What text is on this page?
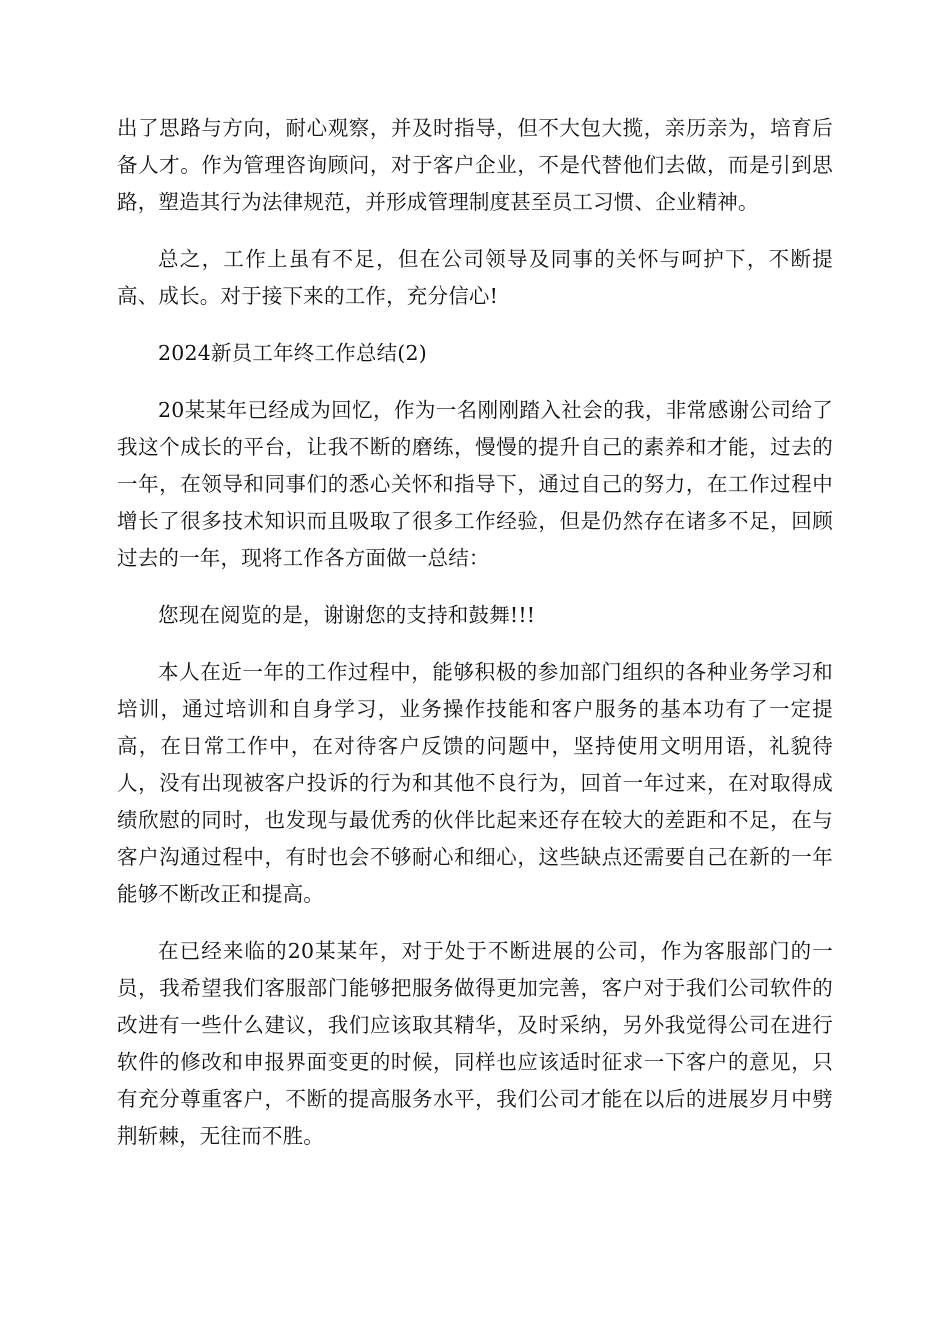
出了思路与方向，耐心观察，并及时指导，但不大包大揽，亲历亲为，培育后备人才。作为管理咨询顾问，对于客户企业，不是代替他们去做，而是引到思路，塑造其行为法律规范，并形成管理制度甚至员工习惯、企业精神。

总之，工作上虽有不足，但在公司领导及同事的关怀与呵护下，不断提高、成长。对于接下来的工作，充分信心!

2024新员工年终工作总结(2)

20某某年已经成为回忆，作为一名刚刚踏入社会的我，非常感谢公司给了我这个成长的平台，让我不断的磨练，慢慢的提升自己的素养和才能，过去的一年，在领导和同事们的悉心关怀和指导下，通过自己的努力，在工作过程中增长了很多技术知识而且吸取了很多工作经验，但是仍然存在诸多不足，回顾过去的一年，现将工作各方面做一总结：

您现在阅览的是，谢谢您的支持和鼓舞!!!

本人在近一年的工作过程中，能够积极的参加部门组织的各种业务学习和培训，通过培训和自身学习，业务操作技能和客户服务的基本功有了一定提高，在日常工作中，在对待客户反馈的问题中，坚持使用文明用语，礼貌待人，没有出现被客户投诉的行为和其他不良行为，回首一年过来，在对取得成绩欣慰的同时，也发现与最优秀的伙伴比起来还存在较大的差距和不足，在与客户沟通过程中，有时也会不够耐心和细心，这些缺点还需要自己在新的一年能够不断改正和提高。

在已经来临的20某某年，对于处于不断进展的公司，作为客服部门的一员，我希望我们客服部门能够把服务做得更加完善，客户对于我们公司软件的改进有一些什么建议，我们应该取其精华，及时采纳，另外我觉得公司在进行软件的修改和申报界面变更的时候，同样也应该适时征求一下客户的意见，只有充分尊重客户，不断的提高服务水平，我们公司才能在以后的进展岁月中劈荆斩棘，无往而不胜。
